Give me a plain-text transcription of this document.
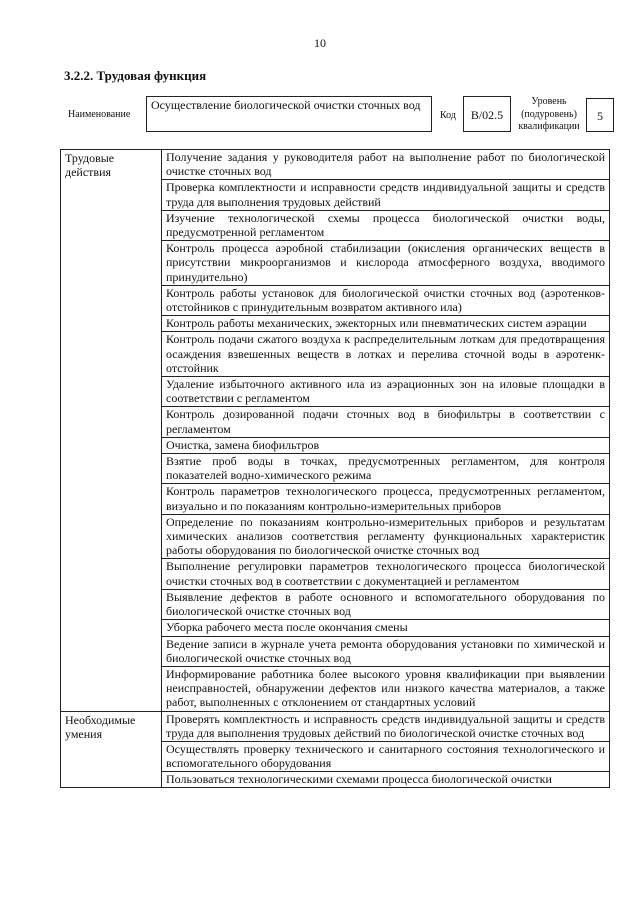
10
3.2.2. Трудовая функция
Наименование
Осуществление биологической очистки сточных вод
Код	В/02.5
Уровень (подуровень) квалификации
5
Трудовые действия	Получение задания у руководителя работ на выполнение работ по биологической очистке сточных вод
	Проверка комплектности и исправности средств индивидуальной защиты и средств труда для выполнения трудовых действий
	Изучение технологической схемы процесса биологической очистки воды, предусмотренной регламентом
	Контроль процесса аэробной стабилизации (окисления органических веществ в присутствии микроорганизмов и кислорода атмосферного воздуха, вводимого принудительно)
	Контроль работы установок для биологической очистки сточных вод (аэротенков-отстойников с принудительным возвратом активного ила)
	Контроль работы механических, эжекторных или пневматических систем аэрации
	Контроль подачи сжатого воздуха к распределительным лоткам для предотвращения осаждения взвешенных веществ в лотках и перелива сточной воды в аэротенк-отстойник
	Удаление избыточного активного ила из аэрационных зон на иловые площадки в соответствии с регламентом
	Контроль дозированной подачи сточных вод в биофильтры в соответствии с регламентом
	Очистка, замена биофильтров
	Взятие проб воды в точках, предусмотренных регламентом, для контроля показателей водно-химического режима
	Контроль параметров технологического процесса, предусмотренных регламентом, визуально и по показаниям контрольно-измерительных приборов
	Определение по показаниям контрольно-измерительных приборов и результатам химических анализов соответствия регламенту функциональных характеристик работы оборудования по биологической очистке сточных вод
	Выполнение регулировки параметров технологического процесса биологической очистки сточных вод в соответствии с документацией и регламентом
	Выявление дефектов в работе основного и вспомогательного оборудования по биологической очистке сточных вод
	Уборка рабочего места после окончания смены
	Ведение записи в журнале учета ремонта оборудования установки по химической и биологической очистке сточных вод
	Информирование работника более высокого уровня квалификации при выявлении неисправностей, обнаружении дефектов или низкого качества материалов, а также работ, выполненных с отклонением от стандартных условий
Необходимые умения	Проверять комплектность и исправность средств индивидуальной защиты и средств труда для выполнения трудовых действий по биологической очистке сточных вод
	Осуществлять проверку технического и санитарного состояния технологического и вспомогательного оборудования

	Пользоваться технологическими схемами процесса биологической очистки
